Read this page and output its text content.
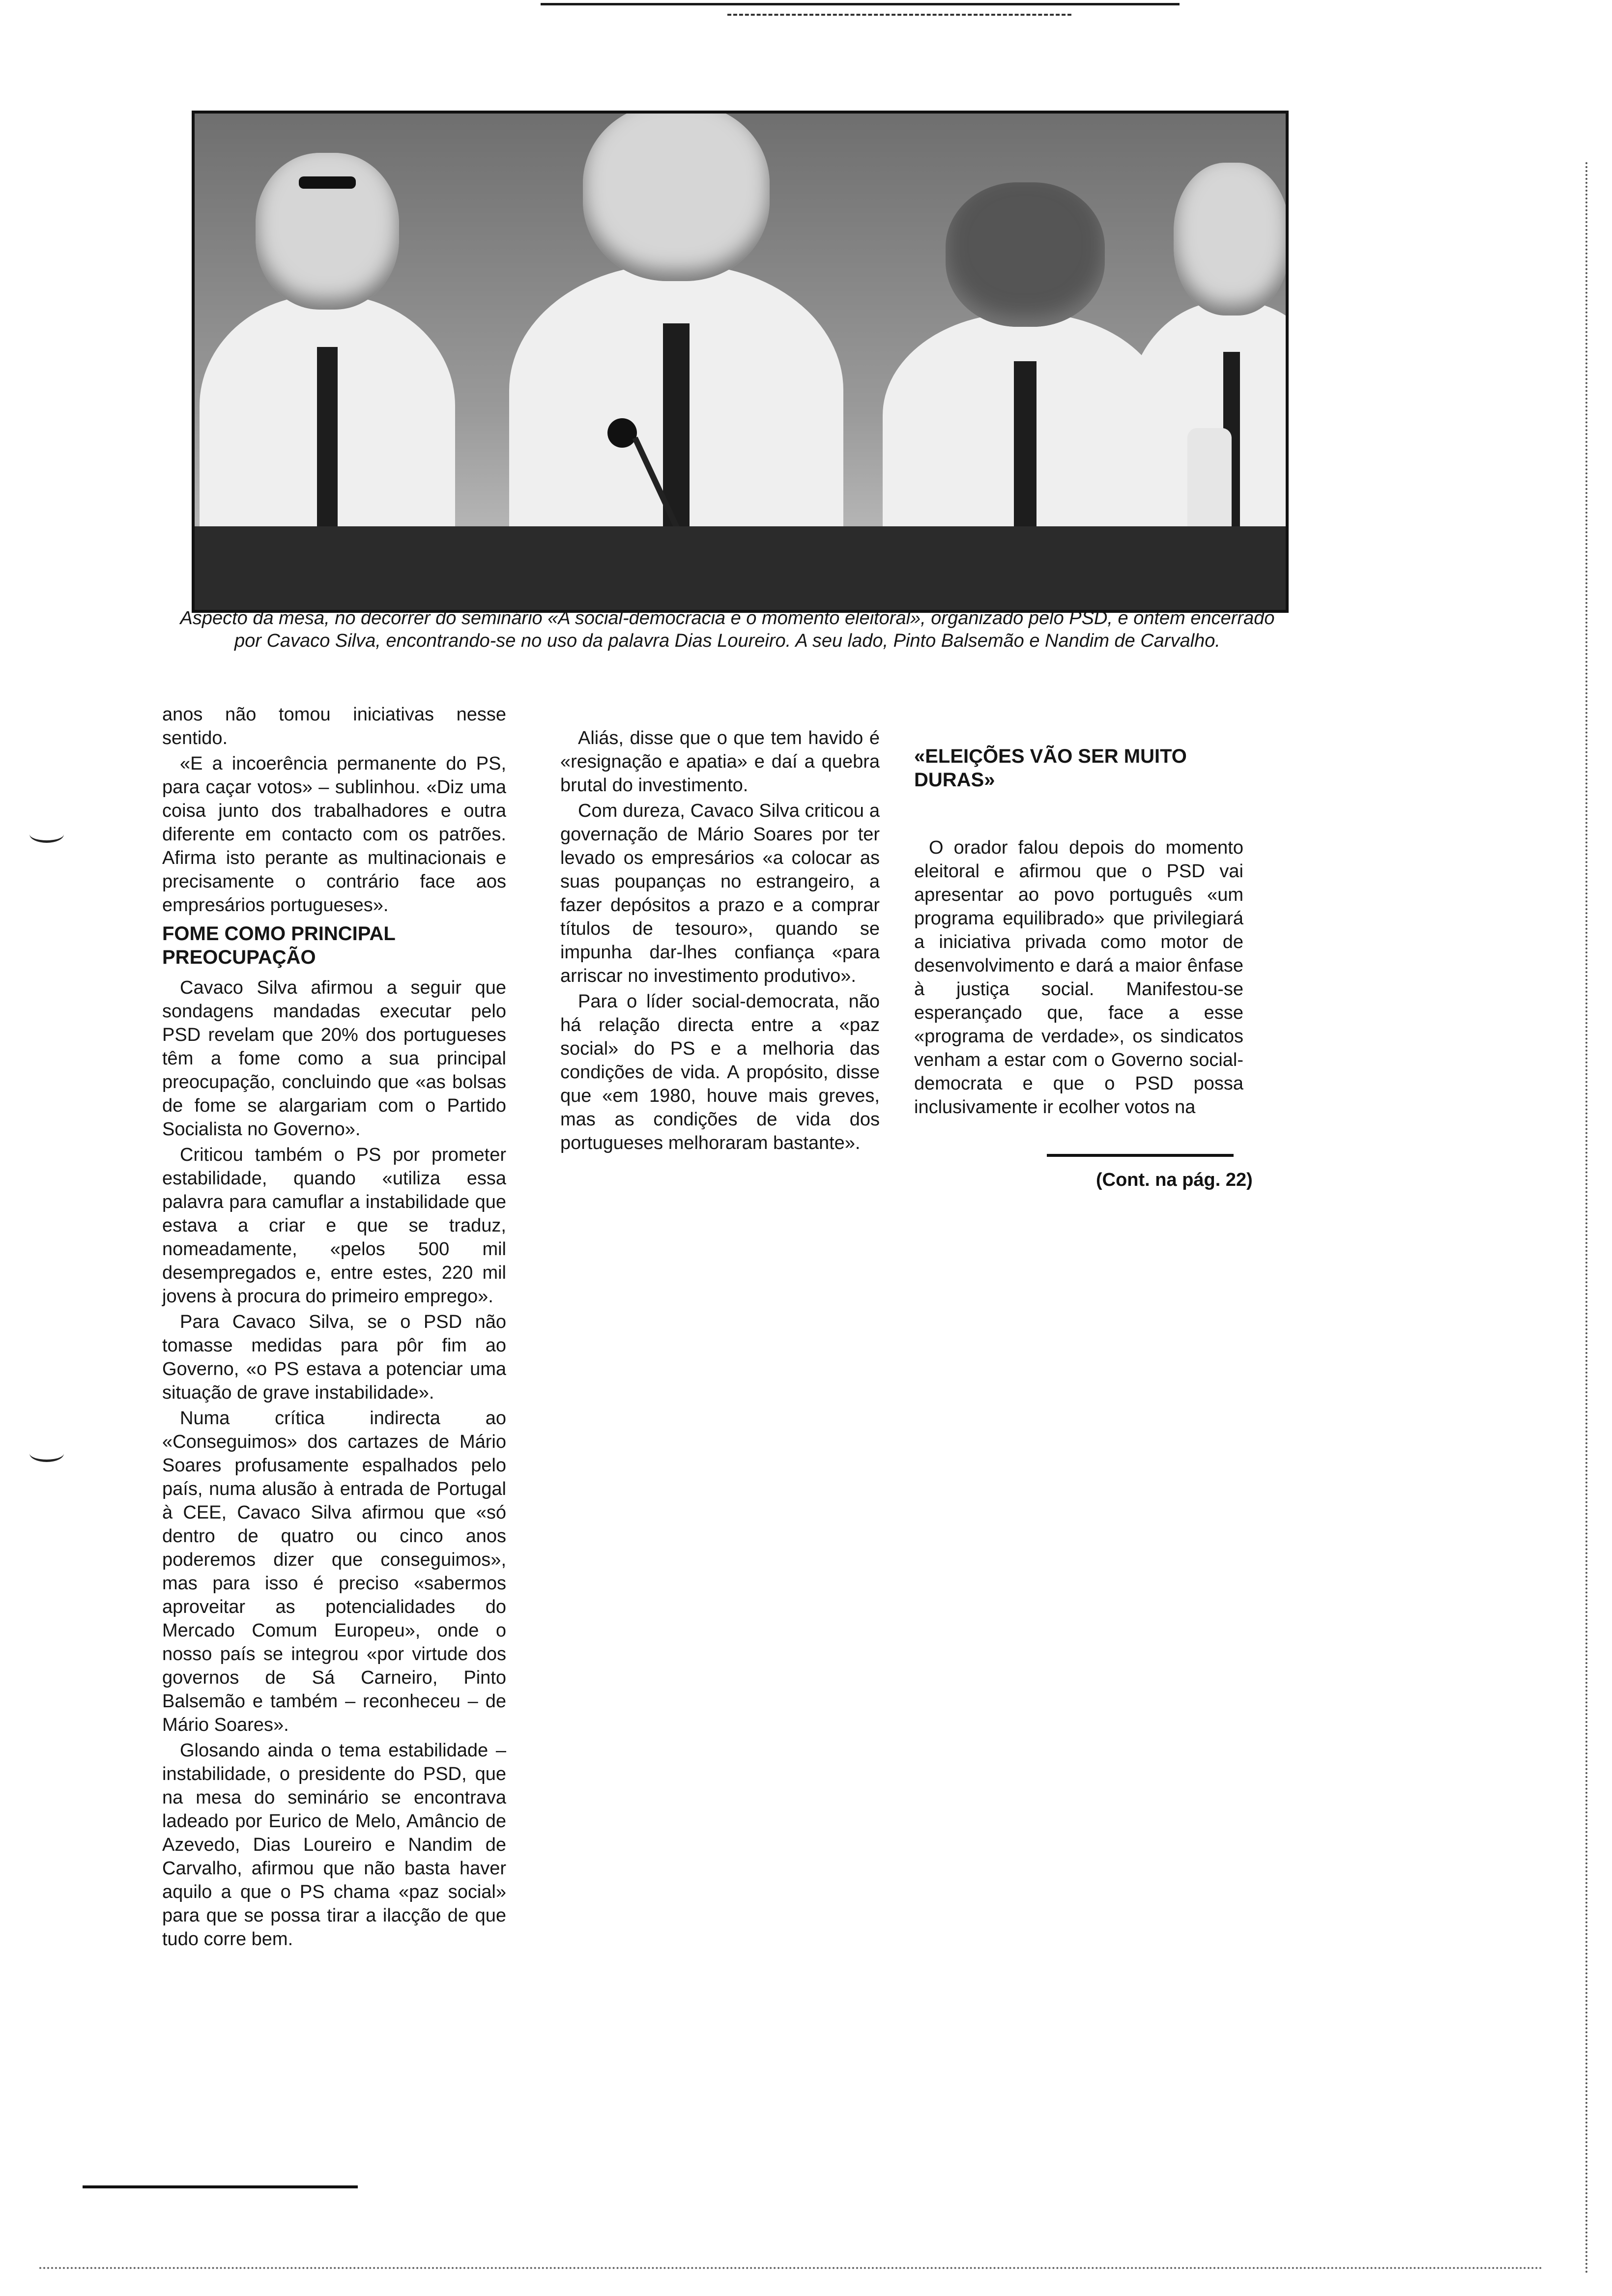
Aspecto da mesa, no decorrer do seminário «A social-democracia e o momento eleitoral», organizado pelo PSD, e ontem encerrado por Cavaco Silva, encontrando-se no uso da palavra Dias Loureiro. A seu lado, Pinto Balsemão e Nandim de Carvalho.

anos não tomou iniciativas nesse sentido.

«E a incoerência permanente do PS, para caçar votos» – sublinhou. «Diz uma coisa junto dos trabalhadores e outra diferente em contacto com os patrões. Afirma isto perante as multinacionais e precisamente o contrário face aos empresários portugueses».

FOME COMO PRINCIPAL PREOCUPAÇÃO

Cavaco Silva afirmou a seguir que sondagens mandadas executar pelo PSD revelam que 20% dos portugueses têm a fome como a sua principal preocupação, concluindo que «as bolsas de fome se alargariam com o Partido Socialista no Governo».

Criticou também o PS por prometer estabilidade, quando «utiliza essa palavra para camuflar a instabilidade que estava a criar e que se traduz, nomeadamente, «pelos 500 mil desempregados e, entre estes, 220 mil jovens à procura do primeiro emprego».

Para Cavaco Silva, se o PSD não tomasse medidas para pôr fim ao Governo, «o PS estava a potenciar uma situação de grave instabilidade».

Numa crítica indirecta ao «Conseguimos» dos cartazes de Mário Soares profusamente espalhados pelo país, numa alusão à entrada de Portugal à CEE, Cavaco Silva afirmou que «só dentro de quatro ou cinco anos poderemos dizer que conseguimos», mas para isso é preciso «sabermos aproveitar as potencialidades do Mercado Comum Europeu», onde o nosso país se integrou «por virtude dos governos de Sá Carneiro, Pinto Balsemão e também – reconheceu – de Mário Soares».

Glosando ainda o tema estabilidade – instabilidade, o presidente do PSD, que na mesa do seminário se encontrava ladeado por Eurico de Melo, Amâncio de Azevedo, Dias Loureiro e Nandim de Carvalho, afirmou que não basta haver aquilo a que o PS chama «paz social» para que se possa tirar a ilacção de que tudo corre bem.

Aliás, disse que o que tem havido é «resignação e apatia» e daí a quebra brutal do investimento.

Com dureza, Cavaco Silva criticou a governação de Mário Soares por ter levado os empresários «a colocar as suas poupanças no estrangeiro, a fazer depósitos a prazo e a comprar títulos de tesouro», quando se impunha dar-lhes confiança «para arriscar no investimento produtivo».

Para o líder social-democrata, não há relação directa entre a «paz social» do PS e a melhoria das condições de vida. A propósito, disse que «em 1980, houve mais greves, mas as condições de vida dos portugueses melhoraram bastante».

«ELEIÇÕES VÃO SER MUITO DURAS»

O orador falou depois do momento eleitoral e afirmou que o PSD vai apresentar ao povo português «um programa equilibrado» que privilegiará a iniciativa privada como motor de desenvolvimento e dará a maior ênfase à justiça social. Manifestou-se esperançado que, face a esse «programa de verdade», os sindicatos venham a estar com o Governo social-democrata e que o PSD possa inclusivamente ir ecolher votos na

(Cont. na pág. 22)
